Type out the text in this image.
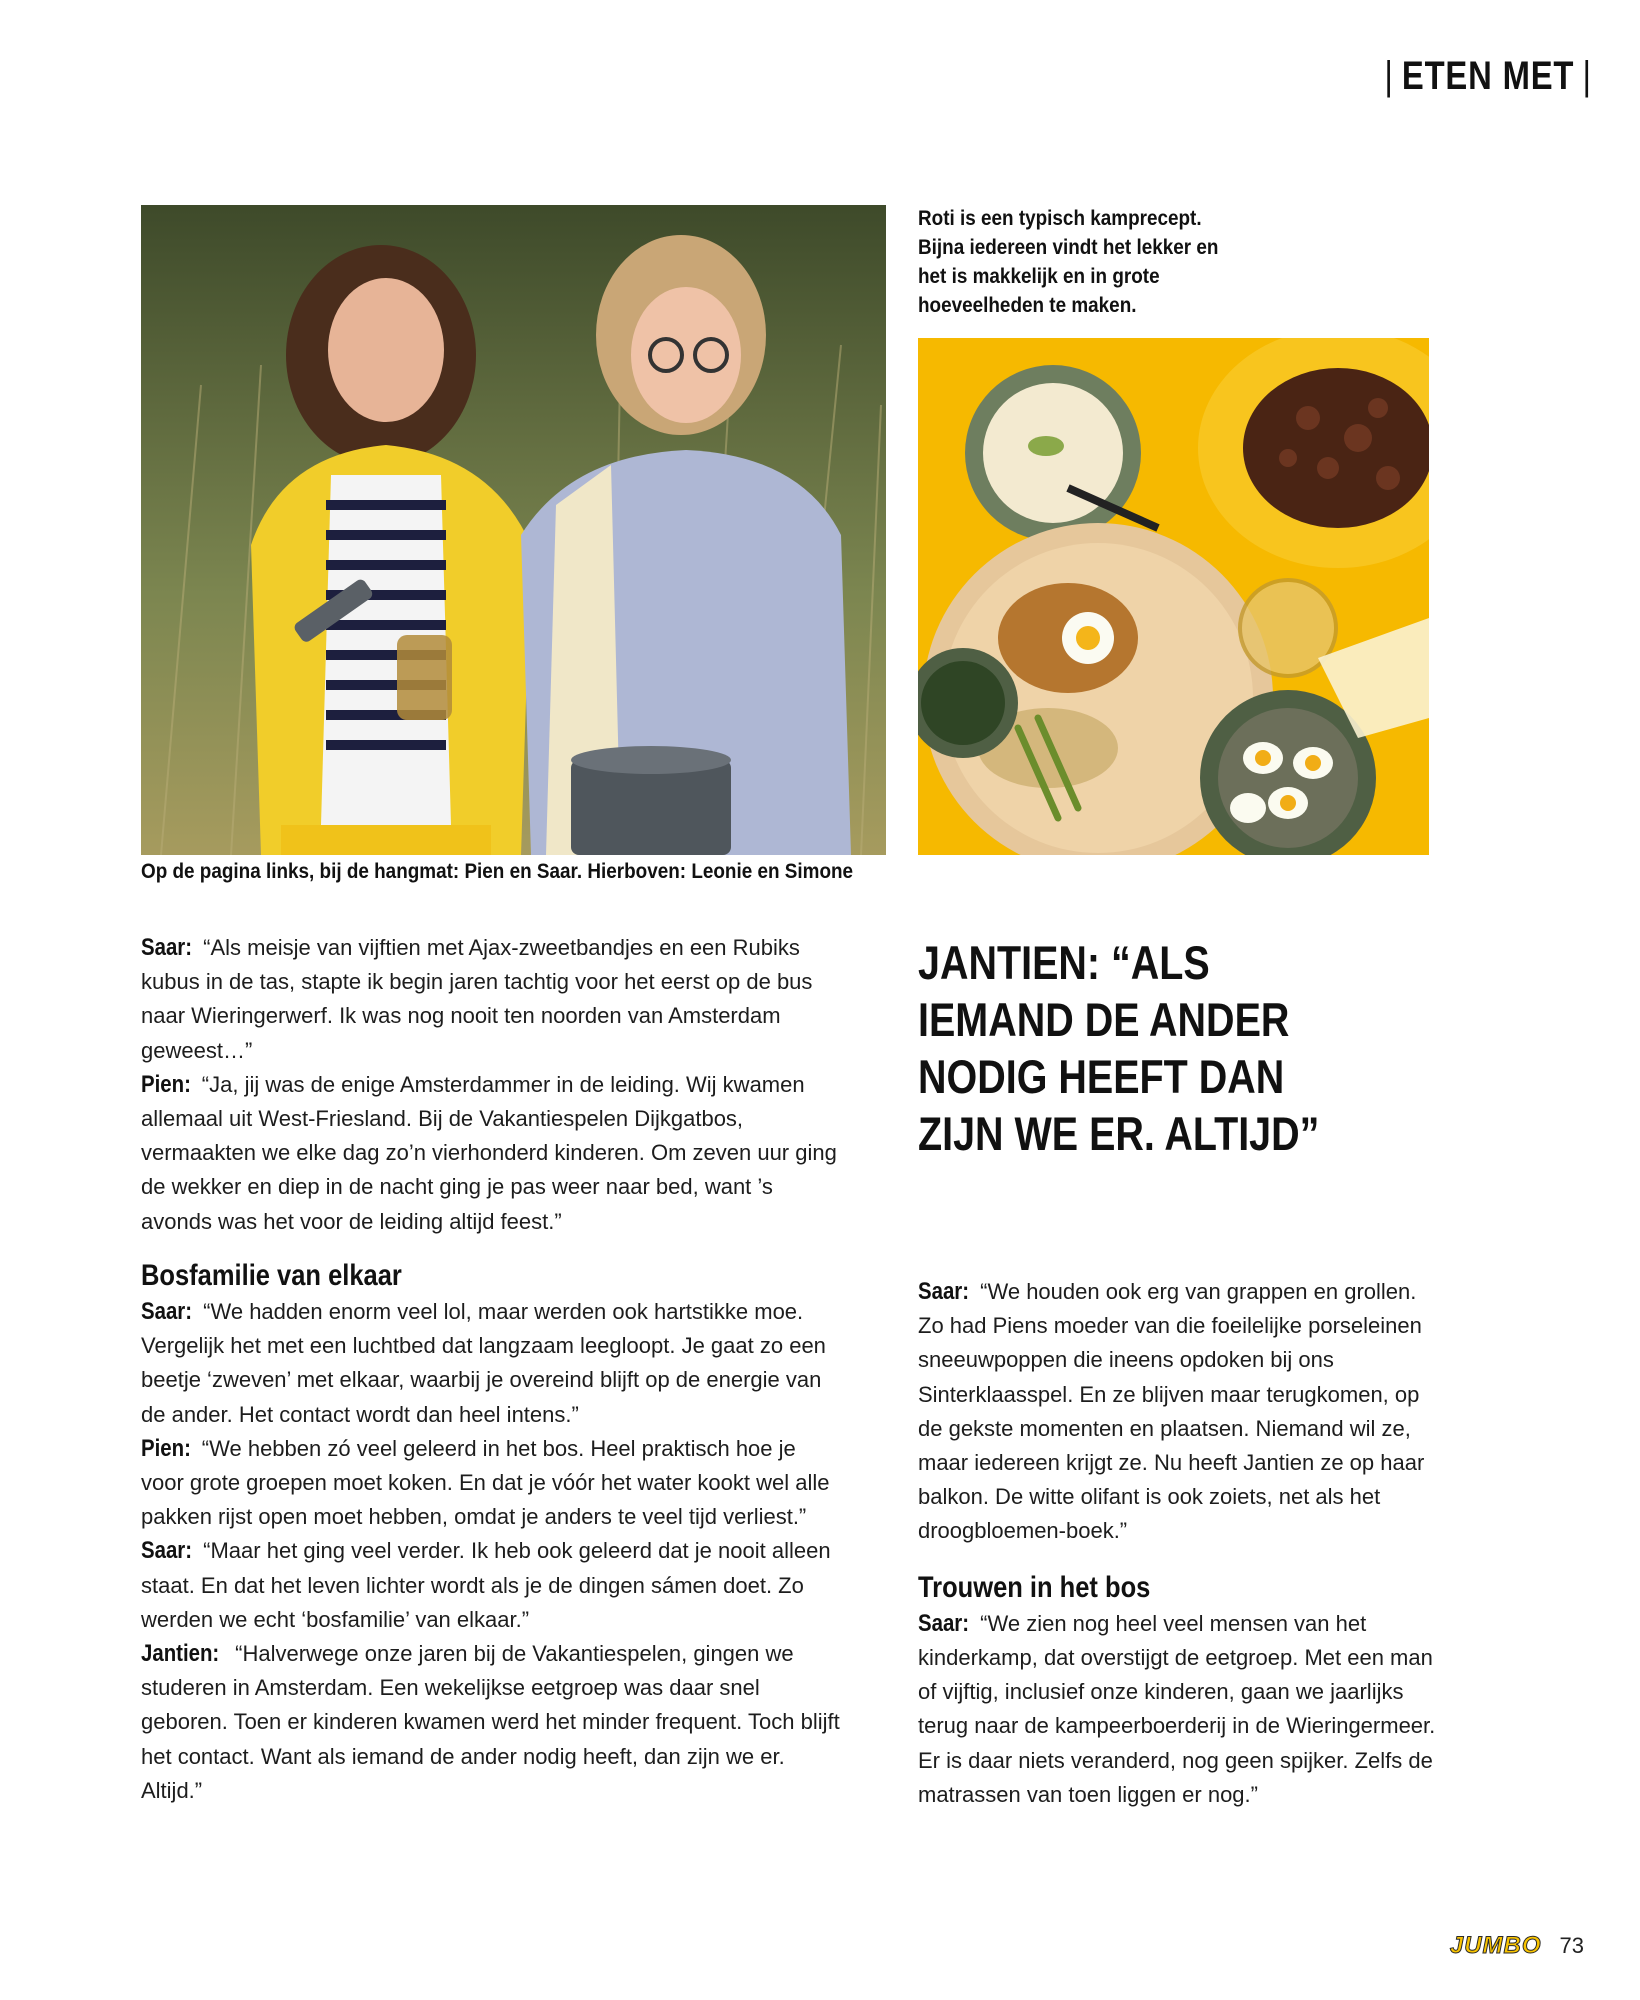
| ETEN MET |
Roti is een typisch kamprecept. Bijna iedereen vindt het lekker en het is makkelijk en in grote hoeveelheden te maken.
Op de pagina links, bij de hangmat: Pien en Saar. Hierboven: Leonie en Simone

Saar: “Als meisje van vijftien met Ajax-zweetbandjes en een Rubiks kubus in de tas, stapte ik begin jaren tachtig voor het eerst op de bus naar Wieringerwerf. Ik was nog nooit ten noorden van Amsterdam geweest…”

Pien: “Ja, jij was de enige Amsterdammer in de leiding. Wij kwamen allemaal uit West-Friesland. Bij de Vakantiespelen Dijkgatbos, vermaakten we elke dag zo’n vierhonderd kinderen. Om zeven uur ging de wekker en diep in de nacht ging je pas weer naar bed, want ’s avonds was het voor de leiding altijd feest.”

Bosfamilie van elkaar

Saar: “We hadden enorm veel lol, maar werden ook hartstikke moe. Vergelijk het met een luchtbed dat langzaam leegloopt. Je gaat zo een beetje ‘zweven’ met elkaar, waarbij je overeind blijft op de energie van de ander. Het contact wordt dan heel intens.”

Pien: “We hebben zó veel geleerd in het bos. Heel praktisch hoe je voor grote groepen moet koken. En dat je vóór het water kookt wel alle pakken rijst open moet hebben, omdat je anders te veel tijd verliest.”

Saar: “Maar het ging veel verder. Ik heb ook geleerd dat je nooit alleen staat. En dat het leven lichter wordt als je de dingen sámen doet. Zo werden we echt ‘bosfamilie’ van elkaar.”

Jantien: “Halverwege onze jaren bij de Vakantiespelen, gingen we studeren in Amsterdam. Een wekelijkse eetgroep was daar snel geboren. Toen er kinderen kwamen werd het minder frequent. Toch blijft het contact. Want als iemand de ander nodig heeft, dan zijn we er. Altijd.”

JANTIEN: “ALS IEMAND DE ANDER NODIG HEEFT DAN ZIJN WE ER. ALTIJD”

Saar: “We houden ook erg van grappen en grollen. Zo had Piens moeder van die foeilelijke porseleinen sneeuwpoppen die ineens opdoken bij ons Sinterklaasspel. En ze blijven maar terugkomen, op de gekste momenten en plaatsen. Niemand wil ze, maar iedereen krijgt ze. Nu heeft Jantien ze op haar balkon. De witte olifant is ook zoiets, net als het droogbloemen-boek.”

Trouwen in het bos

Saar: “We zien nog heel veel mensen van het kinderkamp, dat overstijgt de eetgroep. Met een man of vijftig, inclusief onze kinderen, gaan we jaarlijks terug naar de kampeerboerderij in de Wieringermeer. Er is daar niets veranderd, nog geen spijker. Zelfs de matrassen van toen liggen er nog.”

JUMBO 73
